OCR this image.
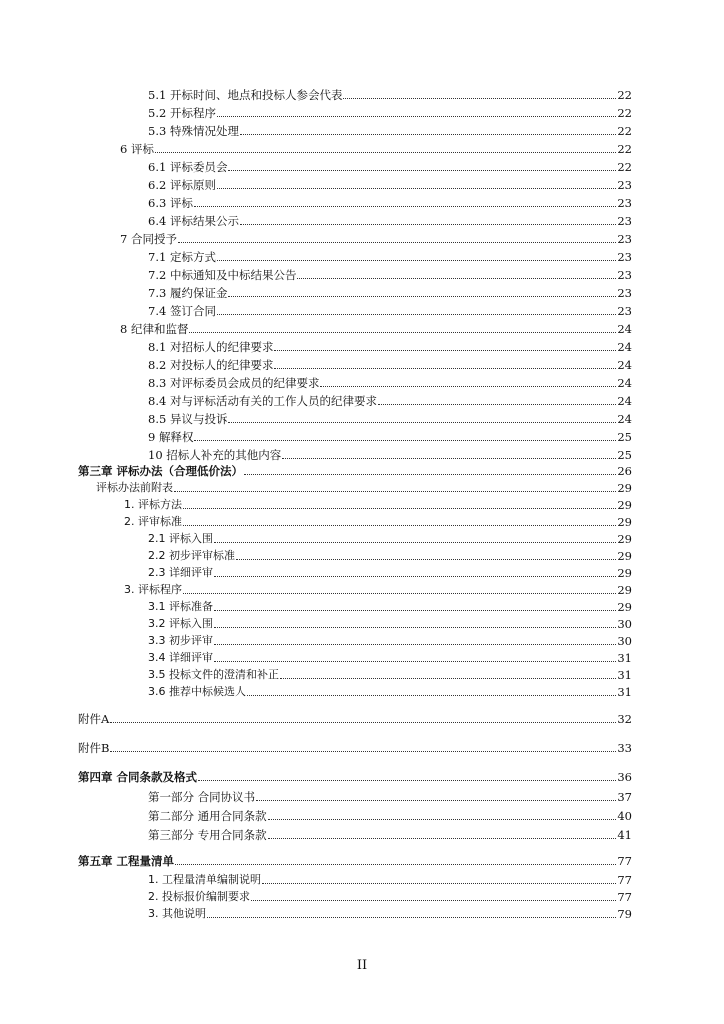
5.1 开标时间、地点和投标人参会代表	22
5.2 开标程序	22
5.3 特殊情况处理	22
6 评标	22
6.1 评标委员会	22
6.2 评标原则	23
6.3 评标	23
6.4 评标结果公示	23
7 合同授予	23
7.1 定标方式	23
7.2 中标通知及中标结果公告	23
7.3 履约保证金	23
7.4 签订合同	23
8 纪律和监督	24
8.1 对招标人的纪律要求	24
8.2 对投标人的纪律要求	24
8.3 对评标委员会成员的纪律要求	24
8.4 对与评标活动有关的工作人员的纪律要求	24
8.5 异议与投诉	24
9 解释权	25
10 招标人补充的其他内容	25
第三章 评标办法（合理低价法）	26
评标办法前附表	29
1. 评标方法	29
2. 评审标准	29
2.1 评标入围	29
2.2 初步评审标准	29
2.3 详细评审	29
3. 评标程序	29
3.1 评标准备	29
3.2 评标入围	30
3.3 初步评审	30
3.4 详细评审	31
3.5 投标文件的澄清和补正	31
3.6 推荐中标候选人	31
附件A	32
附件B	33
第四章 合同条款及格式	36
第一部分 合同协议书	37
第二部分 通用合同条款	40
第三部分 专用合同条款	41
第五章 工程量清单	77
1. 工程量清单编制说明	77
2. 投标报价编制要求	77
3. 其他说明	79
II
